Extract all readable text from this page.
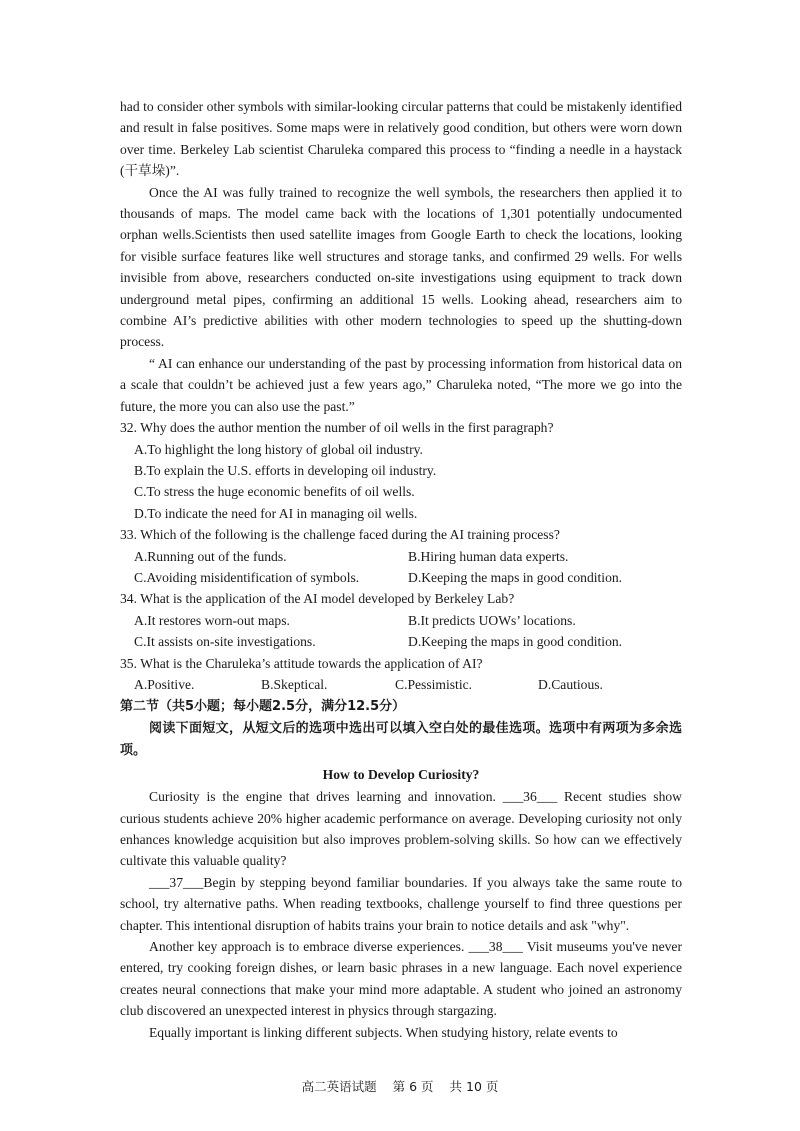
had to consider other symbols with similar-looking circular patterns that could be mistakenly identified and result in false positives. Some maps were in relatively good condition, but others were worn down over time. Berkeley Lab scientist Charuleka compared this process to “finding a needle in a haystack (干草垛)”.

Once the AI was fully trained to recognize the well symbols, the researchers then applied it to thousands of maps. The model came back with the locations of 1,301 potentially undocumented orphan wells.Scientists then used satellite images from Google Earth to check the locations, looking for visible surface features like well structures and storage tanks, and confirmed 29 wells. For wells invisible from above, researchers conducted on-site investigations using equipment to track down underground metal pipes, confirming an additional 15 wells. Looking ahead, researchers aim to combine AI’s predictive abilities with other modern technologies to speed up the shutting-down process.

“ AI can enhance our understanding of the past by processing information from historical data on a scale that couldn’t be achieved just a few years ago,” Charuleka noted, “The more we go into the future, the more you can also use the past.”

32. Why does the author mention the number of oil wells in the first paragraph?

A.To highlight the long history of global oil industry.
B.To explain the U.S. efforts in developing oil industry.
C.To stress the huge economic benefits of oil wells.
D.To indicate the need for AI in managing oil wells.

33. Which of the following is the challenge faced during the AI training process?

A.Running out of the funds.	B.Hiring human data experts.
C.Avoiding misidentification of symbols.	D.Keeping the maps in good condition.

34. What is the application of the AI model developed by Berkeley Lab?

A.It restores worn-out maps.	B.It predicts UOWs’ locations.
C.It assists on-site investigations.	D.Keeping the maps in good condition.

35. What is the Charuleka’s attitude towards the application of AI?

A.Positive.	B.Skeptical.	C.Pessimistic.	D.Cautious.
第二节（共5小题；每小题2.5分，满分12.5分）

阅读下面短文，从短文后的选项中选出可以填入空白处的最佳选项。选项中有两项为多余选项。

How to Develop Curiosity?

Curiosity is the engine that drives learning and innovation. ___36___ Recent studies show curious students achieve 20% higher academic performance on average. Developing curiosity not only enhances knowledge acquisition but also improves problem-solving skills. So how can we effectively cultivate this valuable quality?

___37___Begin by stepping beyond familiar boundaries. If you always take the same route to school, try alternative paths. When reading textbooks, challenge yourself to find three questions per chapter. This intentional disruption of habits trains your brain to notice details and ask "why".

Another key approach is to embrace diverse experiences. ___38___ Visit museums you've never entered, try cooking foreign dishes, or learn basic phrases in a new language. Each novel experience creates neural connections that make your mind more adaptable. A student who joined an astronomy club discovered an unexpected interest in physics through stargazing.

Equally important is linking different subjects. When studying history, relate events to

高二英语试题 第 6 页 共 10 页
